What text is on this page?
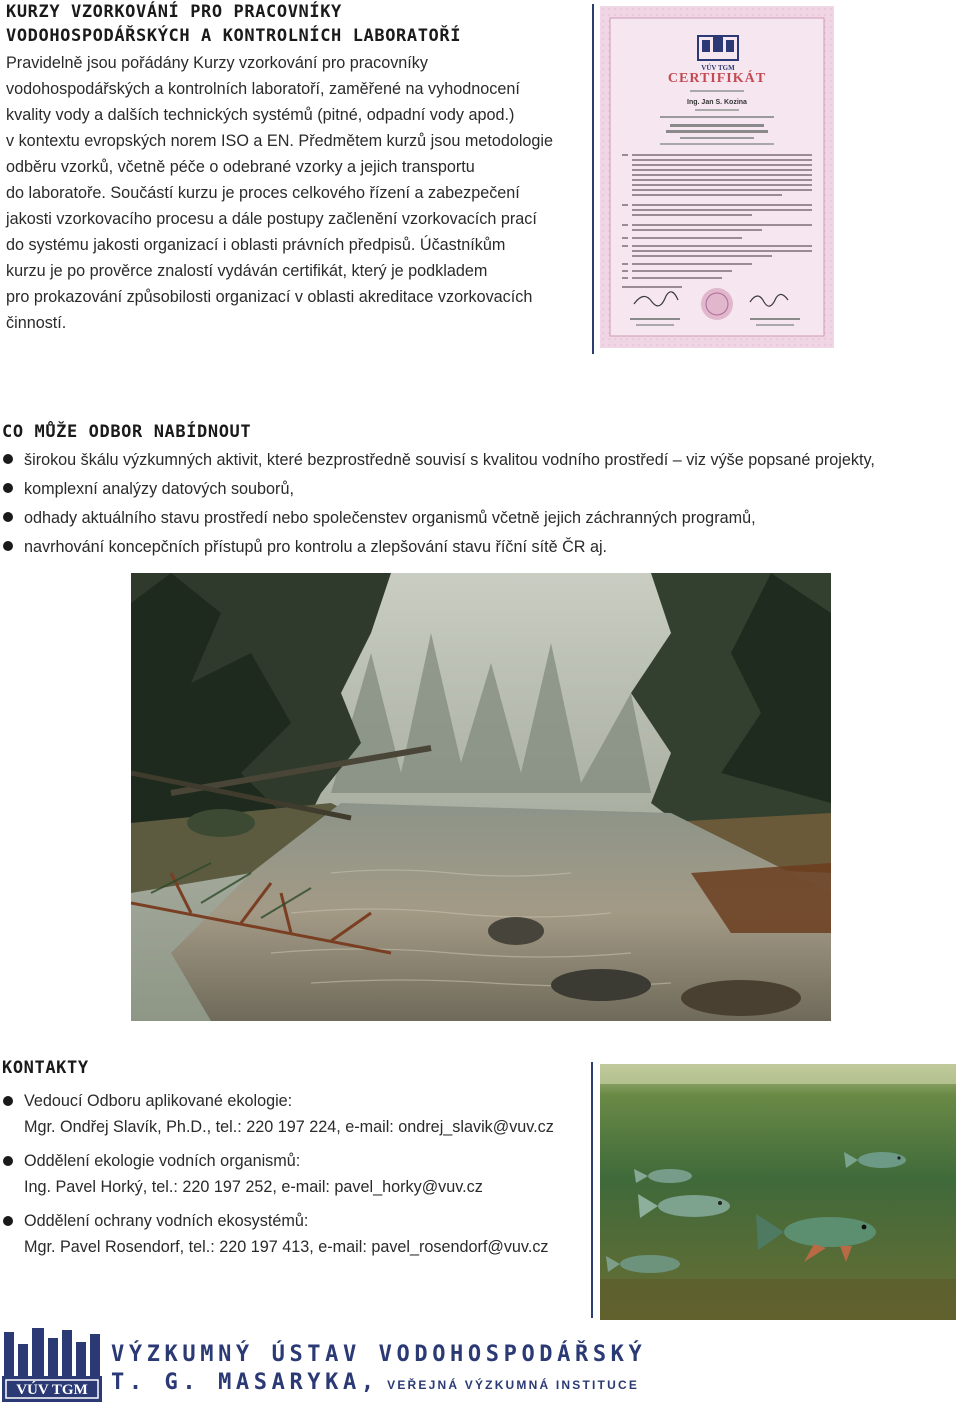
KURZY VZORKOVÁNÍ PRO PRACOVNÍKY
VODOHOSPODÁŘSKÝCH A KONTROLNÍCH LABORATOŘÍ
Pravidelně jsou pořádány Kurzy vzorkování pro pracovníky
vodohospodářských a kontrolních laboratoří, zaměřené na vyhodnocení
kvality vody a dalších technických systémů (pitné, odpadní vody apod.)
v kontextu evropských norem ISO a EN. Předmětem kurzů jsou metodologie
odběru vzorků, včetně péče o odebrané vzorky a jejich transportu
do laboratoře. Součástí kurzu je proces celkového řízení a zabezpečení
jakosti vzorkovacího procesu a dále postupy začlenění vzorkovacích prací
do systému jakosti organizací i oblasti právních předpisů. Účastníkům
kurzu je po prověrce znalostí vydáván certifikát, který je podkladem
pro prokazování způsobilosti organizací v oblasti akreditace vzorkovacích
činností.
VÚV TGM
CERTIFIKÁT
Ing. Jan S. Kozina
CO MŮŽE ODBOR NABÍDNOUT
širokou škálu výzkumných aktivit, které bezprostředně souvisí s kvalitou vodního prostředí – viz výše popsané projekty,
komplexní analýzy datových souborů,
odhady aktuálního stavu prostředí nebo společenstev organismů včetně jejich záchranných programů,
navrhování koncepčních přístupů pro kontrolu a zlepšování stavu říční sítě ČR aj.
KONTAKTY
Vedoucí Odboru aplikované ekologie:
Mgr. Ondřej Slavík, Ph.D., tel.: 220 197 224, e-mail: ondrej_slavik@vuv.cz
Oddělení ekologie vodních organismů:
Ing. Pavel Horký, tel.: 220 197 252, e-mail: pavel_horky@vuv.cz
Oddělení ochrany vodních ekosystémů:
Mgr. Pavel Rosendorf, tel.: 220 197 413, e-mail: pavel_rosendorf@vuv.cz
VÚV TGM
VÝZKUMNÝ ÚSTAV VODOHOSPODÁŘSKÝ
T. G. MASARYKA, VEŘEJNÁ VÝZKUMNÁ INSTITUCE
